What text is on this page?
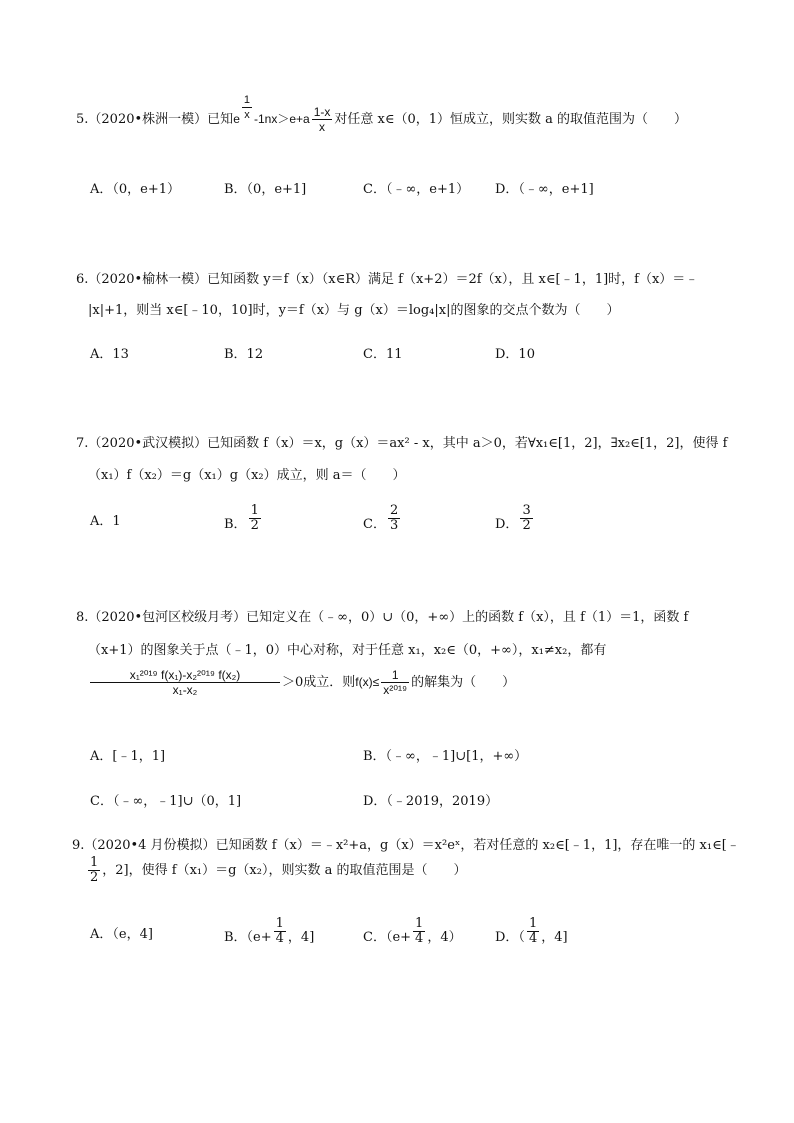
5.（2020•株洲一模）已知e $\frac{1}{x} -1nx>e+a \frac{1-x}{x}$ 对任意 x∈（0，1）恒成立，则实数 a 的取值范围为（　　）
A．（0，e+1）	B．（0，e+1]	C．（﹣∞，e+1） D．（﹣∞，e+1]
6.（2020•榆林一模）已知函数 y＝f（x）（x∈R）满足 f（x+2）＝2f（x），且 x∈[﹣1，1]时，f（x）＝﹣
|x|+1，则当 x∈[﹣10，10]时，y＝f（x）与 g（x）＝log₄|x|的图象的交点个数为（　　）
A．13	B．12	C．11	D．10
7.（2020•武汉模拟）已知函数 f（x）＝x，g（x）＝ax² - x，其中 a＞0，若∀x₁∈[1，2]，∃x₂∈[1，2]，使得 f
（x₁）f（x₂）＝g（x₁）g（x₂）成立，则 a＝（　　）
A．1	B． $\frac{1}{2}$	C． $\frac{2}{3}$	D． $\frac{3}{2}$
8.（2020•包河区校级月考）已知定义在（﹣∞，0）∪（0，+∞）上的函数 f（x），且 f（1）＝1，函数 f
（x+1）的图象关于点（﹣1，0）中心对称，对于任意 x₁，x₂∈（0，+∞），x₁≠x₂，都有
$\frac{\text{x₁²⁰¹⁹ f(x₁)-x₂²⁰¹⁹ f(x₂)}}{\text{x₁-x₂}} >0$成立．则$f(x)\le \frac{1}{\text{x²⁰¹⁹}}$ 的解集为（　　）
A．[﹣1，1]	B．（﹣∞，﹣1]∪[1，+∞）
C．（﹣∞，﹣1]∪（0，1]	D．（﹣2019，2019）
9.（2020•4 月份模拟）已知函数 f（x）＝﹣x²+a，g（x）＝x²eˣ，若对任意的 x₂∈[﹣1，1]，存在唯一的 x₁∈[﹣
$\frac{1}{2}$ ，2]，使得 f（x₁）＝g（x₂），则实数 a 的取值范围是（　　）
A．（e，4]	B．（$e+ \frac{1}{4}$ ，4]	C．（$e+ \frac{1}{4}$ ，4）	D．（ $\frac{1}{4}$ ，4]
